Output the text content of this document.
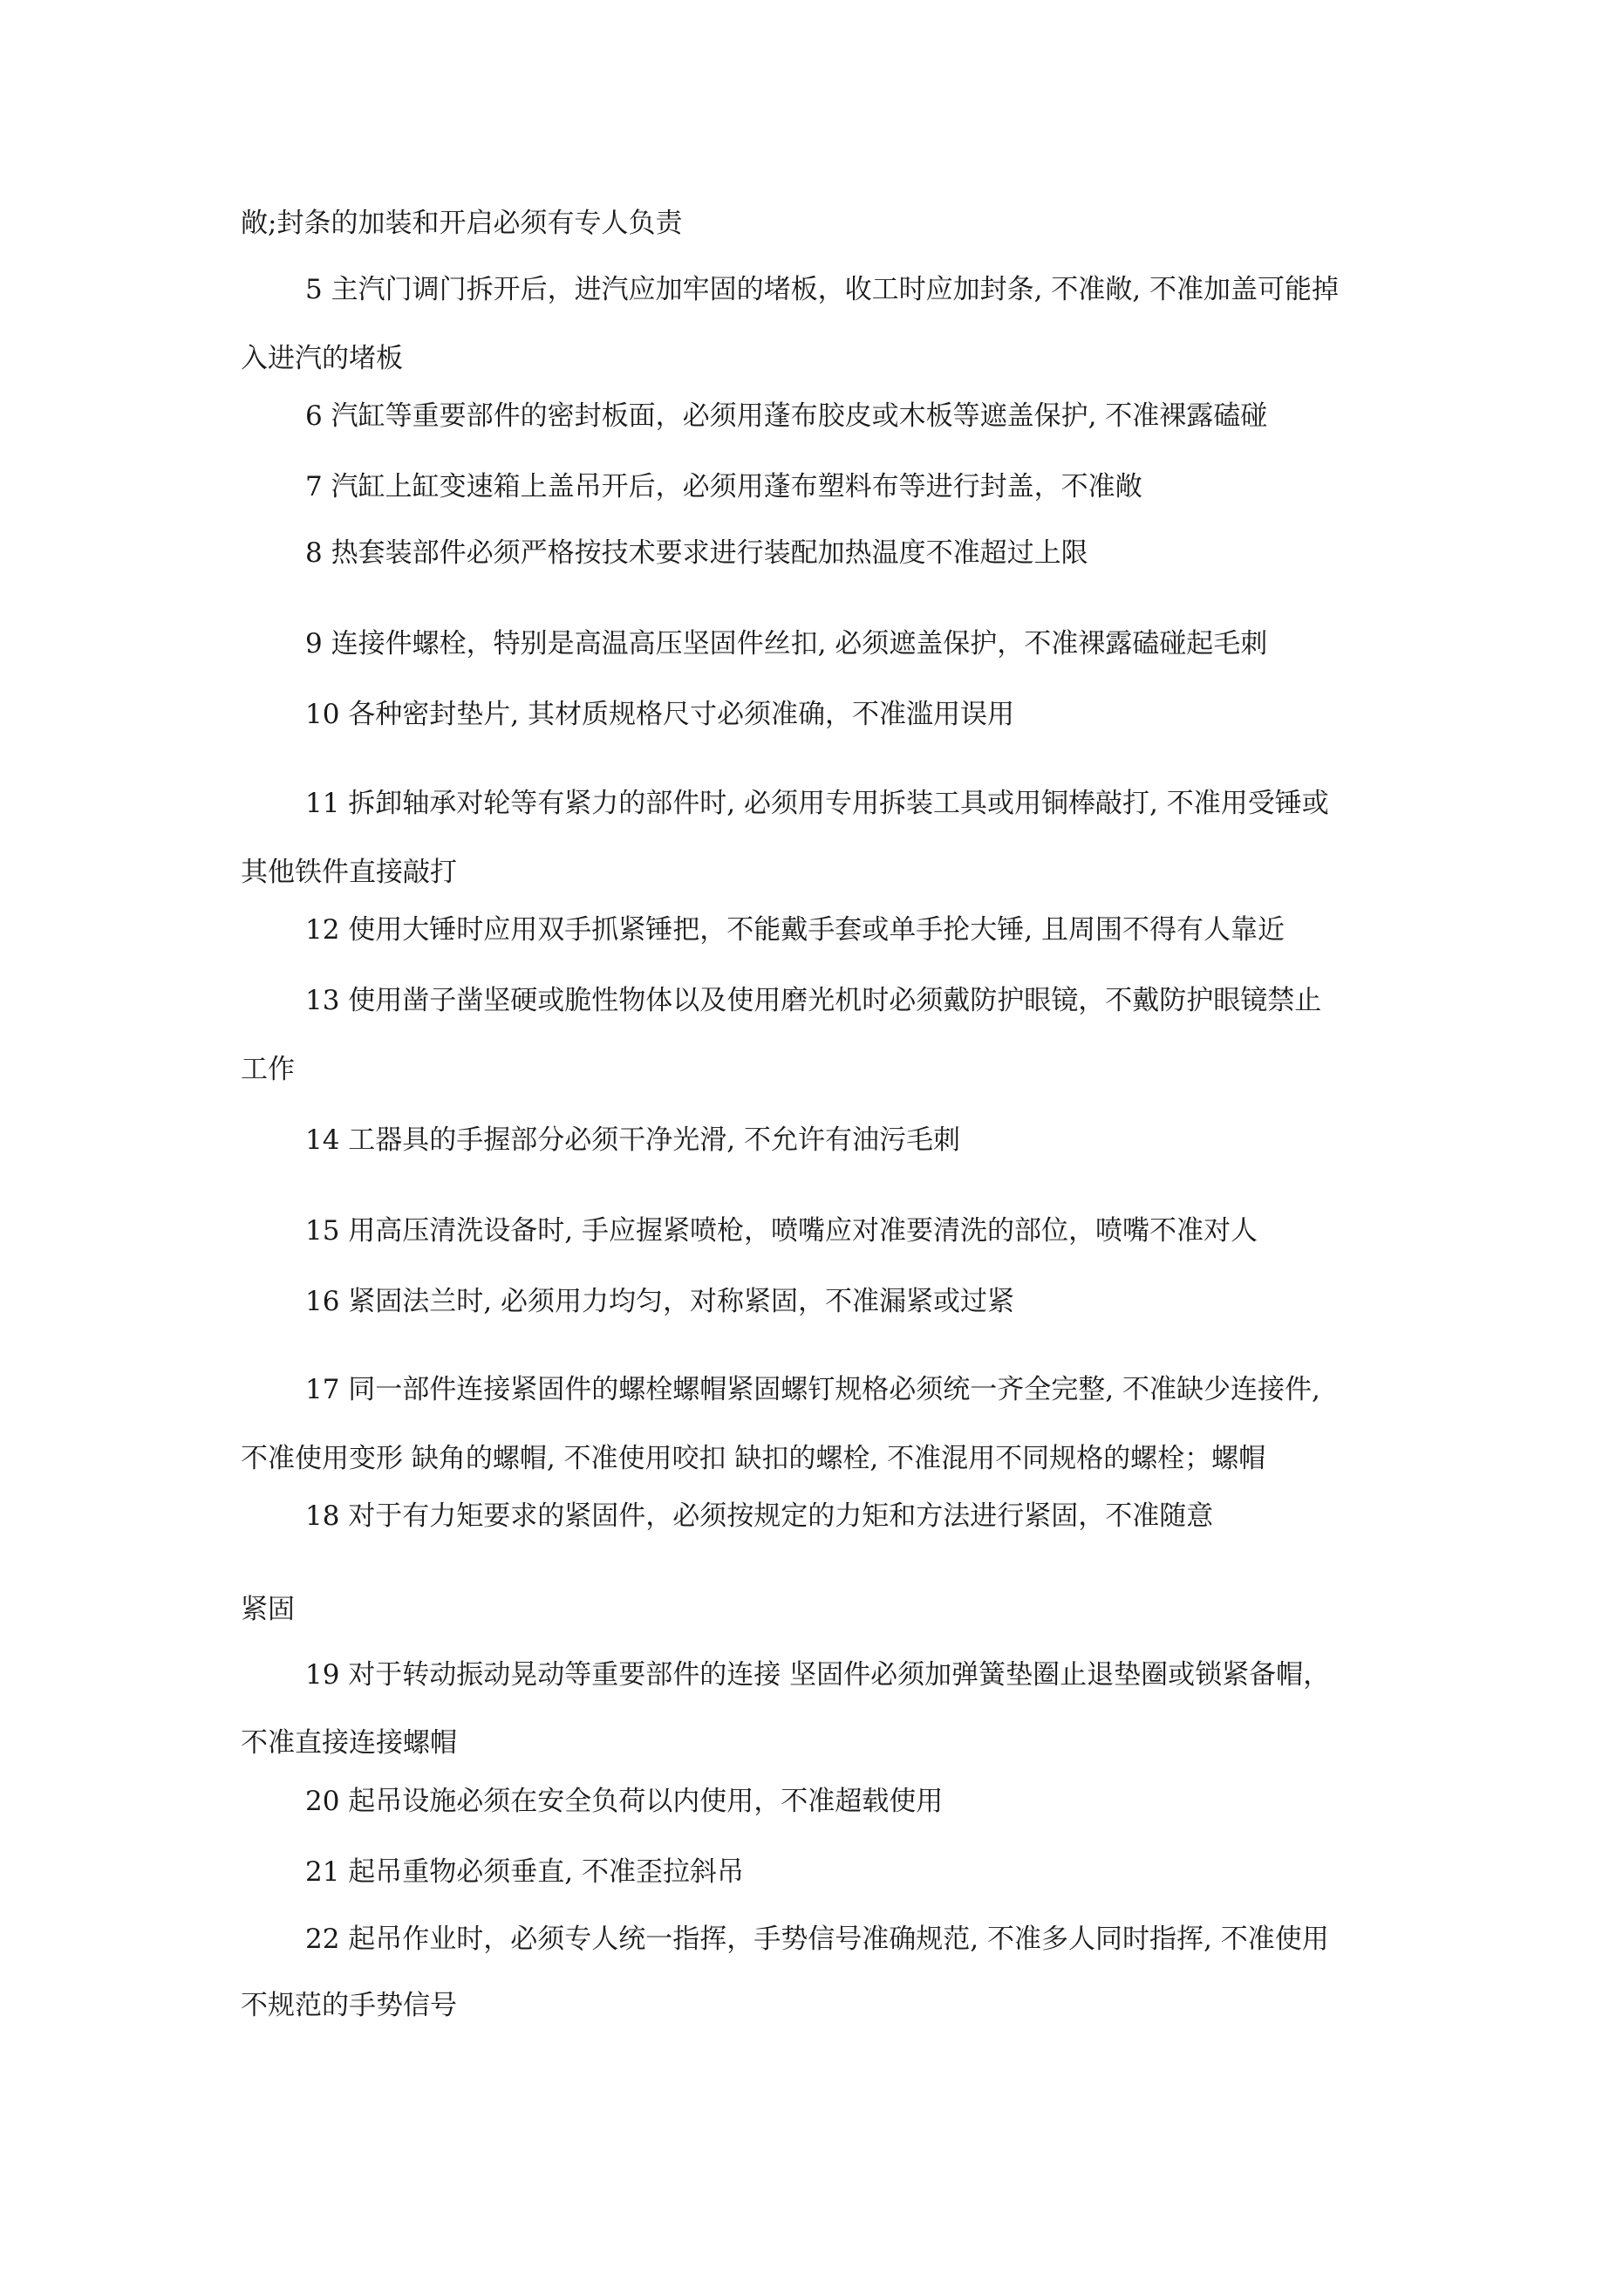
敞;封条的加装和开启必须有专人负责

5 主汽门调门拆开后，进汽应加牢固的堵板，收工时应加封条, 不准敞, 不准加盖可能掉

入进汽的堵板

6 汽缸等重要部件的密封板面，必须用蓬布胶皮或木板等遮盖保护, 不准裸露磕碰

7 汽缸上缸变速箱上盖吊开后，必须用蓬布塑料布等进行封盖，不准敞

8 热套装部件必须严格按技术要求进行装配加热温度不准超过上限

9 连接件螺栓，特别是高温高压坚固件丝扣, 必须遮盖保护，不准裸露磕碰起毛刺

10 各种密封垫片, 其材质规格尺寸必须准确，不准滥用误用

11 拆卸轴承对轮等有紧力的部件时, 必须用专用拆装工具或用铜棒敲打, 不准用受锤或

其他铁件直接敲打

12 使用大锤时应用双手抓紧锤把，不能戴手套或单手抡大锤, 且周围不得有人靠近

13 使用凿子凿坚硬或脆性物体以及使用磨光机时必须戴防护眼镜，不戴防护眼镜禁止

工作

14 工器具的手握部分必须干净光滑, 不允许有油污毛刺

15 用高压清洗设备时, 手应握紧喷枪，喷嘴应对准要清洗的部位，喷嘴不准对人

16 紧固法兰时, 必须用力均匀，对称紧固，不准漏紧或过紧

17 同一部件连接紧固件的螺栓螺帽紧固螺钉规格必须统一齐全完整, 不准缺少连接件,

不准使用变形 缺角的螺帽, 不准使用咬扣 缺扣的螺栓, 不准混用不同规格的螺栓；螺帽

18 对于有力矩要求的紧固件，必须按规定的力矩和方法进行紧固，不准随意

紧固

19 对于转动振动晃动等重要部件的连接 坚固件必须加弹簧垫圈止退垫圈或锁紧备帽，

不准直接连接螺帽

20 起吊设施必须在安全负荷以内使用，不准超载使用

21 起吊重物必须垂直, 不准歪拉斜吊

22 起吊作业时，必须专人统一指挥，手势信号准确规范, 不准多人同时指挥, 不准使用

不规范的手势信号
